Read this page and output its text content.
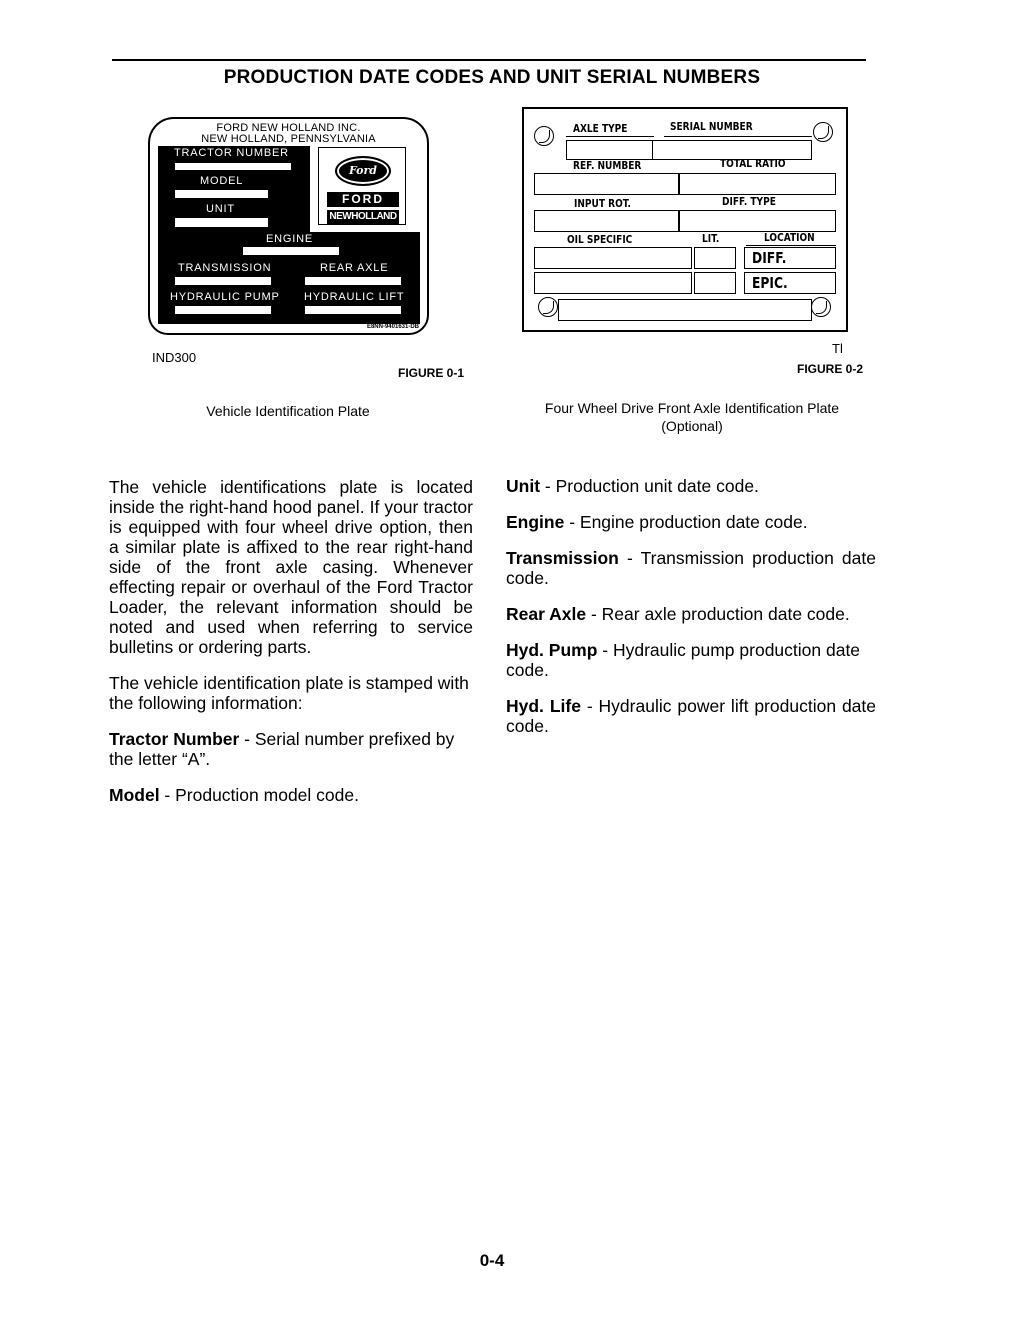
PRODUCTION DATE CODES AND UNIT SERIAL NUMBERS
FORD NEW HOLLAND INC.
NEW HOLLAND, PENNSYLVANIA
TRACTOR NUMBER
MODEL
UNIT
ENGINE
TRANSMISSION	REAR AXLE
HYDRAULIC PUMP HYDRAULIC LIFT
Ford
FORD
NEWHOLLAND
E8NN-9401631-DB
IND300
FIGURE 0-1
Vehicle Identification Plate
AXLE TYPE	SERIAL NUMBER
REF. NUMBER	TOTAL RATIO
INPUT ROT.	DIFF. TYPE
OIL SPECIFIC	LIT.	LOCATION
DIFF.
EPIC.
Tl
FIGURE 0-2
Four Wheel Drive Front Axle Identification Plate
(Optional)

The vehicle identifications plate is located inside the right-hand hood panel. If your tractor is equipped with four wheel drive option, then a similar plate is affixed to the rear right-hand side of the front axle casing. Whenever effecting repair or overhaul of the Ford Tractor Loader, the relevant information should be noted and used when referring to service bulletins or ordering parts.

The vehicle identification plate is stamped with the following information:

Tractor Number - Serial number prefixed by the letter “A”.

Model - Production model code.

Unit - Production unit date code.

Engine - Engine production date code.

Transmission - Transmission production date code.

Rear Axle - Rear axle production date code.

Hyd. Pump - Hydraulic pump production date code.

Hyd. Life - Hydraulic power lift production date code.

0-4
